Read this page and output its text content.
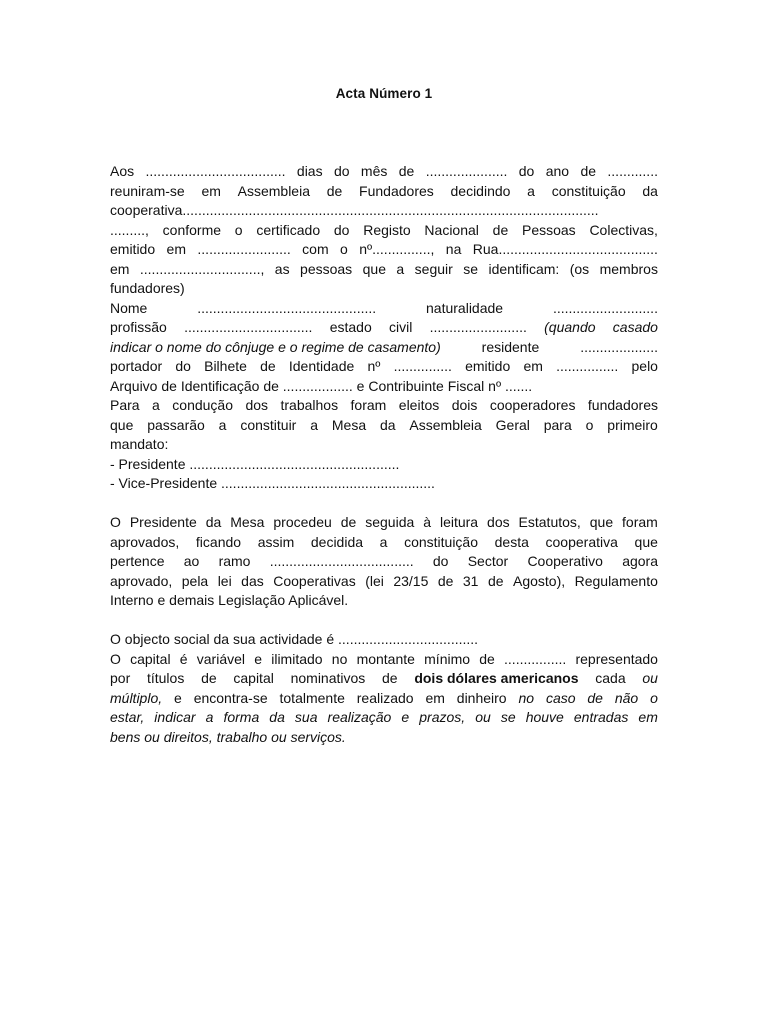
Acta Número 1
Aos .................................... dias do mês de ..................... do ano de .............
reuniram-se em Assembleia de Fundadores decidindo a constituição da
cooperativa...........................................................................................................
........., conforme o certificado do Registo Nacional de Pessoas Colectivas,
emitido em ........................ com o nº..............., na Rua.........................................
em ..............................., as pessoas que a seguir se identificam: (os membros
fundadores)
Nome	..............................................	naturalidade	...........................
profissão ................................. estado civil ......................... (quando casado
indicar o nome do cônjuge e o regime de casamento)	residente	....................
portador do Bilhete de Identidade nº ............... emitido em ................ pelo
Arquivo de Identificação de .................. e Contribuinte Fiscal nº .......
Para a condução dos trabalhos foram eleitos dois cooperadores fundadores
que passarão a constituir a Mesa da Assembleia Geral para o primeiro
mandato:
- Presidente ......................................................
- Vice-Presidente .......................................................
O Presidente da Mesa procedeu de seguida à leitura dos Estatutos, que foram
aprovados, ficando assim decidida a constituição desta cooperativa que
pertence ao ramo ..................................... do Sector Cooperativo agora
aprovado, pela lei das Cooperativas (lei 23/15 de 31 de Agosto), Regulamento
Interno e demais Legislação Aplicável.
O objecto social da sua actividade é ....................................
O capital é variável e ilimitado no montante mínimo de ................ representado
por títulos de capital nominativos de dois dólares americanos cada ou
múltiplo, e encontra-se totalmente realizado em dinheiro no caso de não o
estar, indicar a forma da sua realização e prazos, ou se houve entradas em
bens ou direitos, trabalho ou serviços.
